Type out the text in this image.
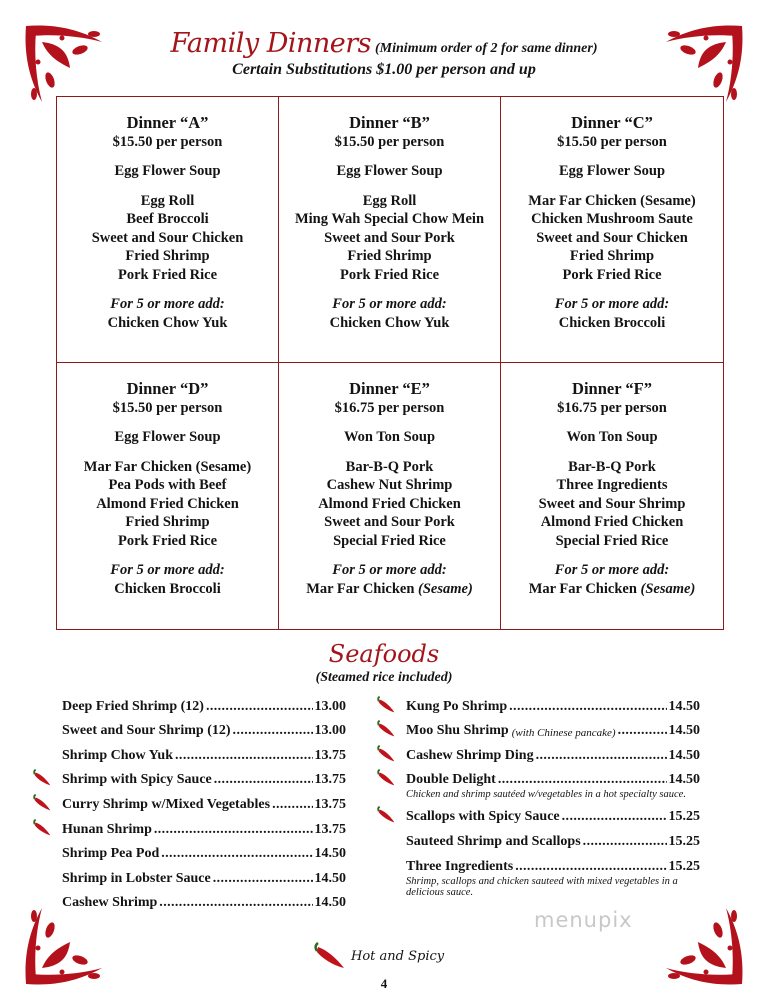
Family Dinners (Minimum order of 2 for same dinner)
Certain Substitutions $1.00 per person and up
Dinner “A”
$15.50 per person
Egg Flower Soup
Egg Roll
Beef Broccoli
Sweet and Sour Chicken
Fried Shrimp
Pork Fried Rice
For 5 or more add:
Chicken Chow Yuk
Dinner “B”
$15.50 per person
Egg Flower Soup
Egg Roll
Ming Wah Special Chow Mein
Sweet and Sour Pork
Fried Shrimp
Pork Fried Rice
For 5 or more add:
Chicken Chow Yuk
Dinner “C”
$15.50 per person
Egg Flower Soup
Mar Far Chicken (Sesame)
Chicken Mushroom Saute
Sweet and Sour Chicken
Fried Shrimp
Pork Fried Rice
For 5 or more add:
Chicken Broccoli
Dinner “D”
$15.50 per person
Egg Flower Soup
Mar Far Chicken (Sesame)
Pea Pods with Beef
Almond Fried Chicken
Fried Shrimp
Pork Fried Rice
For 5 or more add:
Chicken Broccoli
Dinner “E”
$16.75 per person
Won Ton Soup
Bar-B-Q Pork
Cashew Nut Shrimp
Almond Fried Chicken
Sweet and Sour Pork
Special Fried Rice
For 5 or more add:
Mar Far Chicken (Sesame)
Dinner “F”
$16.75 per person
Won Ton Soup
Bar-B-Q Pork
Three Ingredients
Sweet and Sour Shrimp
Almond Fried Chicken
Special Fried Rice
For 5 or more add:
Mar Far Chicken (Sesame)
Seafoods
(Steamed rice included)
Deep Fried Shrimp (12) .....	13.00
Sweet and Sour Shrimp (12) .....	13.00
Shrimp Chow Yuk .....	13.75
Shrimp with Spicy Sauce .....	13.75
Curry Shrimp w/Mixed Vegetables .....	13.75
Hunan Shrimp .....	13.75
Shrimp Pea Pod .....	14.50
Shrimp in Lobster Sauce .....	14.50
Cashew Shrimp .....	14.50
Kung Po Shrimp .....	14.50
Moo Shu Shrimp (with Chinese pancake) .....	14.50
Cashew Shrimp Ding .....	14.50
Double Delight .....	14.50
Chicken and shrimp sautéed w/vegetables in a hot specialty sauce.
Scallops with Spicy Sauce .....	15.25
Sauteed Shrimp and Scallops .....	15.25
Three Ingredients .....	15.25
Shrimp, scallops and chicken sauteed with mixed vegetables in a delicious sauce.
Hot and Spicy
4
menupix
